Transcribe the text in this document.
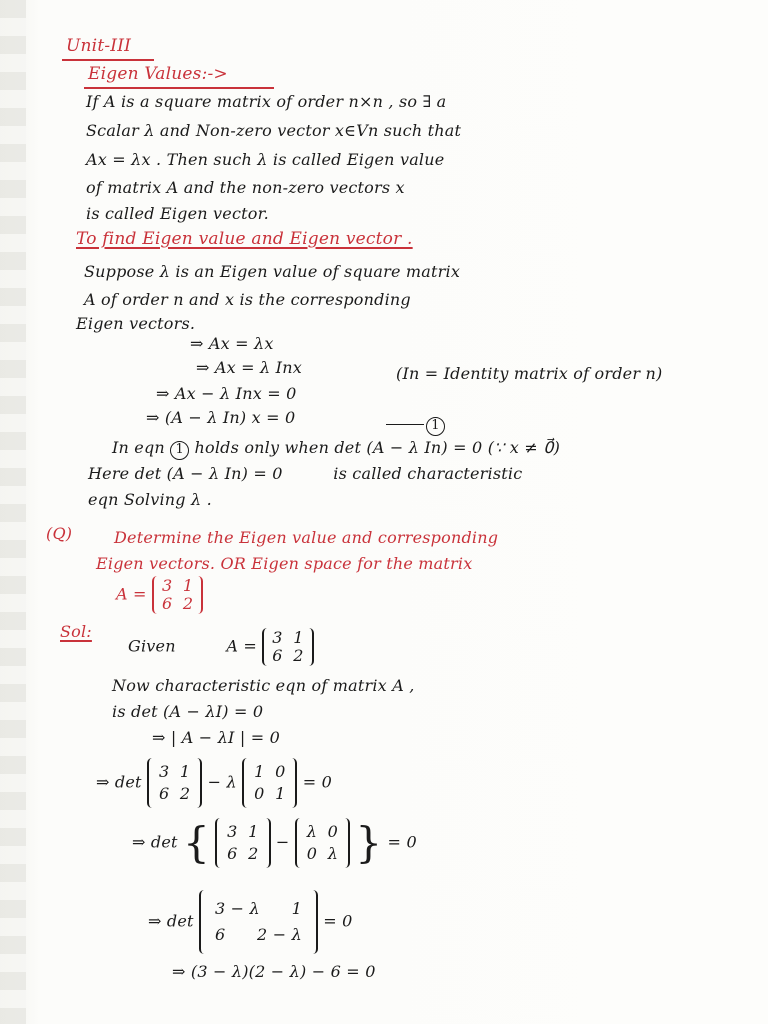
Unit-III
Eigen Values:->
If A is a square matrix of order n×n , so ∃ a
Scalar λ and Non-zero vector x∈Vn such that
Ax = λx . Then such λ is called Eigen value
of matrix A and the non-zero vectors x
is called Eigen vector.
To find Eigen value and Eigen vector .
Suppose λ is an Eigen value of square matrix
A of order n and x is the corresponding
Eigen vectors.
⇒ Ax = λx
⇒ Ax = λ Inx	(In = Identity matrix of order n)
⇒ Ax − λ Inx = 0
⇒ (A − λ In) x = 0	1
In eqn 1 holds only when det (A − λ In) = 0 (∵ x ≠ 0⃗)
Here det (A − λ In) = 0	is called characteristic
eqn Solving λ .
(Q)	Determine the Eigen value and corresponding
Eigen vectors. OR Eigen space for the matrix
A = 3 1
6 2
Sol:
Given	A = 3 1
6 2
Now characteristic eqn of matrix A ,
is det (A − λI) = 0
⇒ | A − λI | = 0
⇒ det
3 1
6 2
− λ
1 0
0 1
= 0
⇒ det { 3 1
6 2
−
λ 0
0 λ } = 0
⇒ det
3 − λ 1
6 2 − λ
= 0
⇒ (3 − λ)(2 − λ) − 6 = 0
